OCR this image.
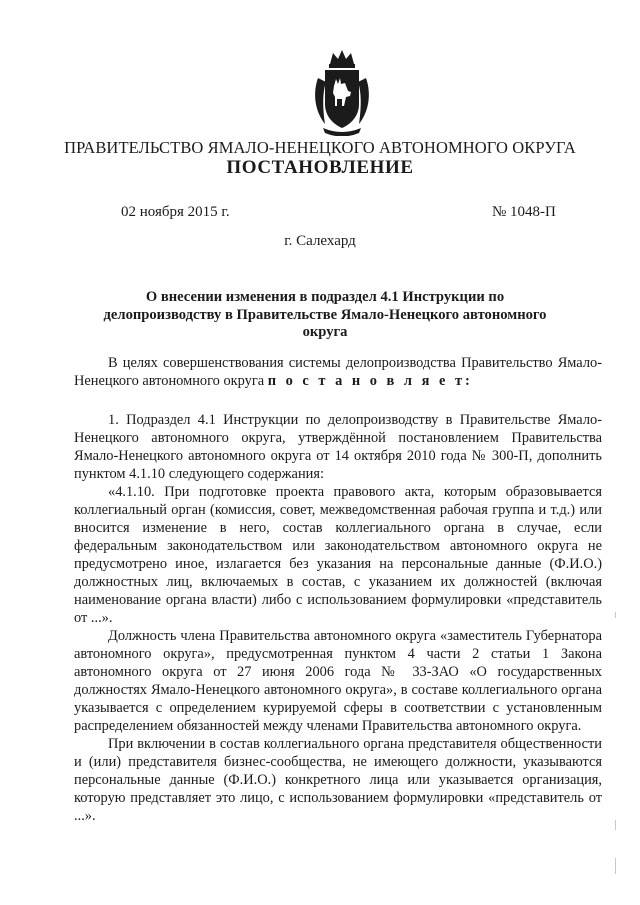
ПРАВИТЕЛЬСТВО ЯМАЛО-НЕНЕЦКОГО АВТОНОМНОГО ОКРУГА
ПОСТАНОВЛЕНИЕ
02 ноября 2015 г.	№ 1048-П
г. Салехард
О внесении изменения в подраздел 4.1 Инструкции по делопроизводству в Правительстве Ямало-Ненецкого автономного округа

В целях совершенствования системы делопроизводства Правительство Ямало-Ненецкого автономного округа п о с т а н о в л я е т:

1. Подраздел 4.1 Инструкции по делопроизводству в Правительстве Ямало-Ненецкого автономного округа, утверждённой постановлением Правительства Ямало-Ненецкого автономного округа от 14 октября 2010 года № 300-П, дополнить пунктом 4.1.10 следующего содержания:

«4.1.10. При подготовке проекта правового акта, которым образовывается коллегиальный орган (комиссия, совет, межведомственная рабочая группа и т.д.) или вносится изменение в него, состав коллегиального органа в случае, если федеральным законодательством или законодательством автономного округа не предусмотрено иное, излагается без указания на персональные данные (Ф.И.О.) должностных лиц, включаемых в состав, с указанием их должностей (включая наименование органа власти) либо с использованием формулировки «представитель от ...».

Должность члена Правительства автономного округа «заместитель Губернатора автономного округа», предусмотренная пунктом 4 части 2 статьи 1 Закона автономного округа от 27 июня 2006 года № 33-ЗАО «О государственных должностях Ямало-Ненецкого автономного округа», в составе коллегиального органа указывается с определением курируемой сферы в соответствии с установленным распределением обязанностей между членами Правительства автономного округа.

При включении в состав коллегиального органа представителя общественности и (или) представителя бизнес-сообщества, не имеющего должности, указываются персональные данные (Ф.И.О.) конкретного лица или указывается организация, которую представляет это лицо, с использованием формулировки «представитель от ...».
